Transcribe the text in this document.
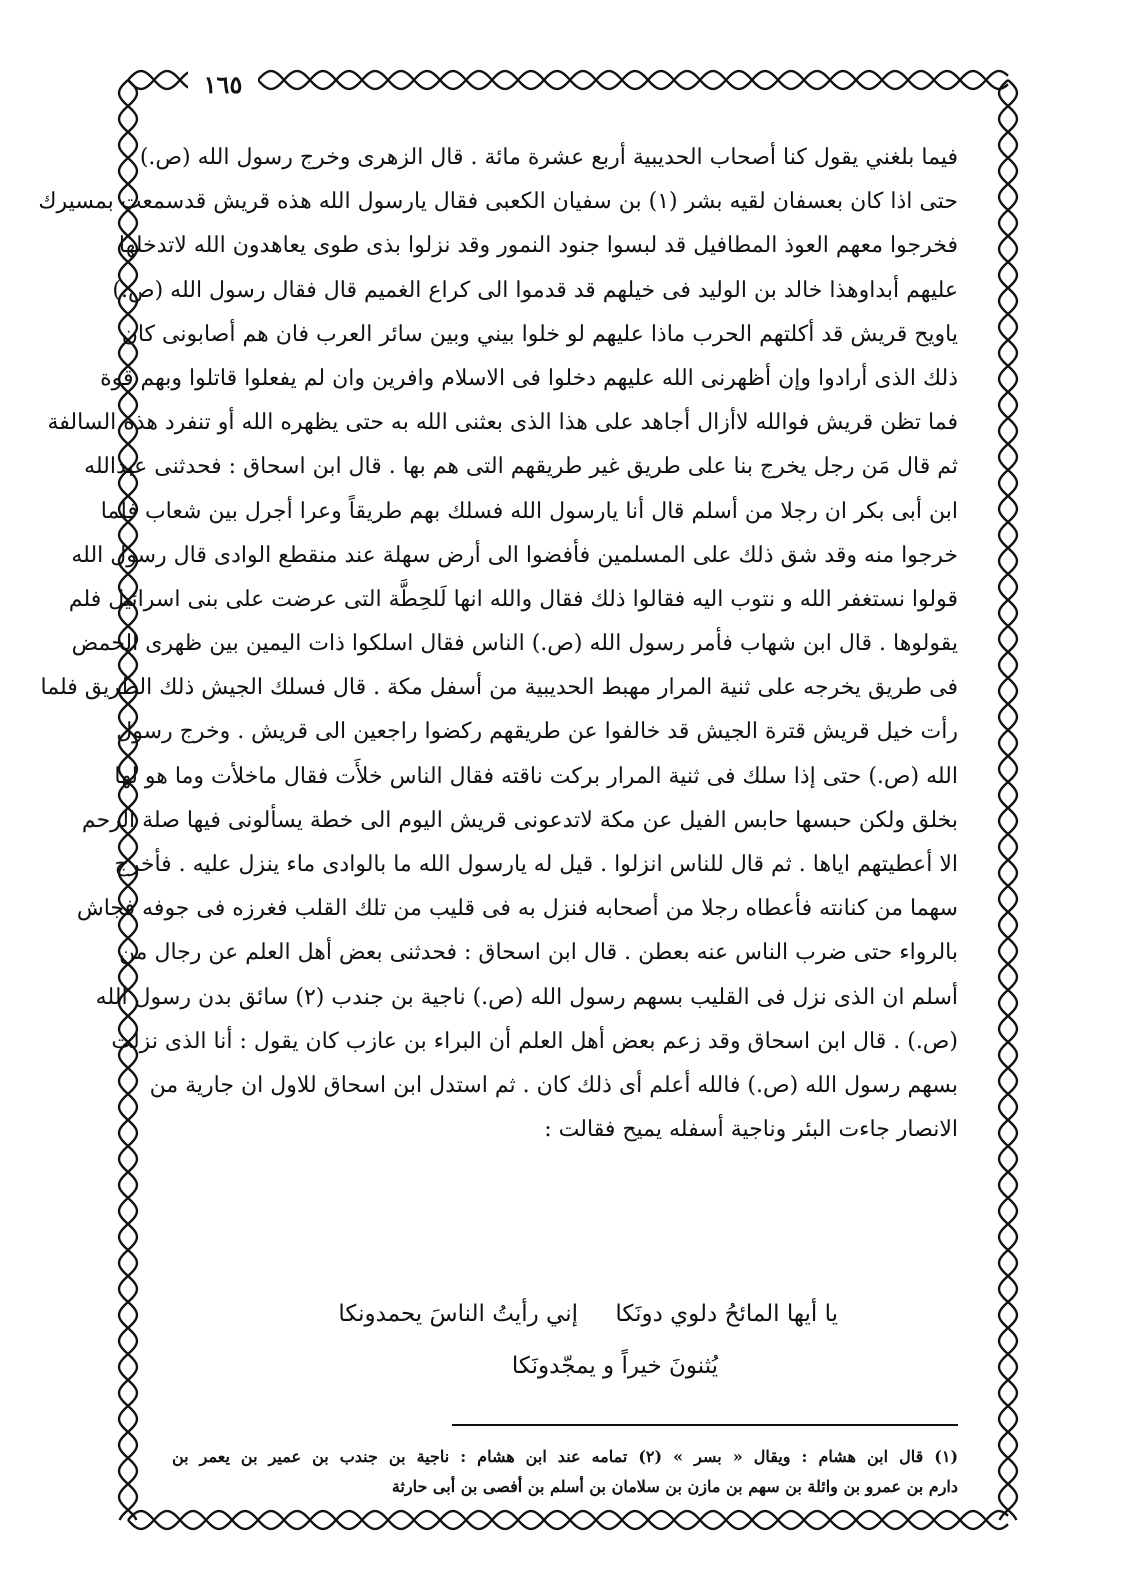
١٦٥
فيما بلغني يقول كنا أصحاب الحديبية أربع عشرة مائة . قال الزهرى وخرج رسول الله (ص.)
حتى اذا كان بعسفان لقيه بشر (١) بن سفيان الكعبى فقال يارسول الله هذه قريش قدسمعت بمسيرك
فخرجوا معهم العوذ المطافيل قد لبسوا جنود النمور وقد نزلوا بذى طوى يعاهدون الله لاتدخلها
عليهم أبداوهذا خالد بن الوليد فى خيلهم قد قدموا الى كراع الغميم قال فقال رسول الله (ص.)
ياويح قريش قد أكلتهم الحرب ماذا عليهم لو خلوا بيني وبين سائر العرب فان هم أصابونى كان
ذلك الذى أرادوا وإن أظهرنى الله عليهم دخلوا فى الاسلام وافرين وان لم يفعلوا قاتلوا وبهم قوة
فما تظن قريش فوالله لاأزال أجاهد على هذا الذى بعثنى الله به حتى يظهره الله أو تنفرد هذه السالفة
ثم قال مَن رجل يخرج بنا على طريق غير طريقهم التى هم بها . قال ابن اسحاق : فحدثنى عبدالله
ابن أبى بكر ان رجلا من أسلم قال أنا يارسول الله فسلك بهم طريقاً وعرا أجرل بين شعاب فلما
خرجوا منه وقد شق ذلك على المسلمين فأفضوا الى أرض سهلة عند منقطع الوادى قال رسول الله
قولوا نستغفر الله و نتوب اليه فقالوا ذلك فقال والله انها لَلحِطَّة التى عرضت على بنى اسرائيل فلم
يقولوها . قال ابن شهاب فأمر رسول الله (ص.) الناس فقال اسلكوا ذات اليمين بين ظهرى الحمض
فى طريق يخرجه على ثنية المرار مهبط الحديبية من أسفل مكة . قال فسلك الجيش ذلك الطريق فلما
رأت خيل قريش قترة الجيش قد خالفوا عن طريقهم ركضوا راجعين الى قريش . وخرج رسول
الله (ص.) حتى إذا سلك فى ثنية المرار بركت ناقته فقال الناس خلأَت فقال ماخلأت وما هو لها
بخلق ولكن حبسها حابس الفيل عن مكة لاتدعونى قريش اليوم الى خطة يسألونى فيها صلة الرحم
الا أعطيتهم اياها . ثم قال للناس انزلوا . قيل له يارسول الله ما بالوادى ماء ينزل عليه . فأخرج
سهما من كنانته فأعطاه رجلا من أصحابه فنزل به فى قليب من تلك القلب فغرزه فى جوفه فجاش
بالرواء حتى ضرب الناس عنه بعطن . قال ابن اسحاق : فحدثنى بعض أهل العلم عن رجال من
أسلم ان الذى نزل فى القليب بسهم رسول الله (ص.) ناجية بن جندب (٢) سائق بدن رسول الله
(ص.) . قال ابن اسحاق وقد زعم بعض أهل العلم أن البراء بن عازب كان يقول : أنا الذى نزلت
بسهم رسول الله (ص.) فالله أعلم أى ذلك كان . ثم استدل ابن اسحاق للاول ان جارية من
الانصار جاءت البئر وناجية أسفله يميح فقالت :
يا أيها المائحُ دلوي دونَكا
إني رأيتُ الناسَ يحمدونكا
يُثنونَ خيراً و يمجّدونَكا
(١) قال ابن هشام : ويقال « بسر » (٢) تمامه عند ابن هشام : ناجية بن جندب بن عمير بن يعمر بن
دارم بن عمرو بن وائلة بن سهم بن مازن بن سلامان بن أسلم بن أفصى بن أبى حارثة
